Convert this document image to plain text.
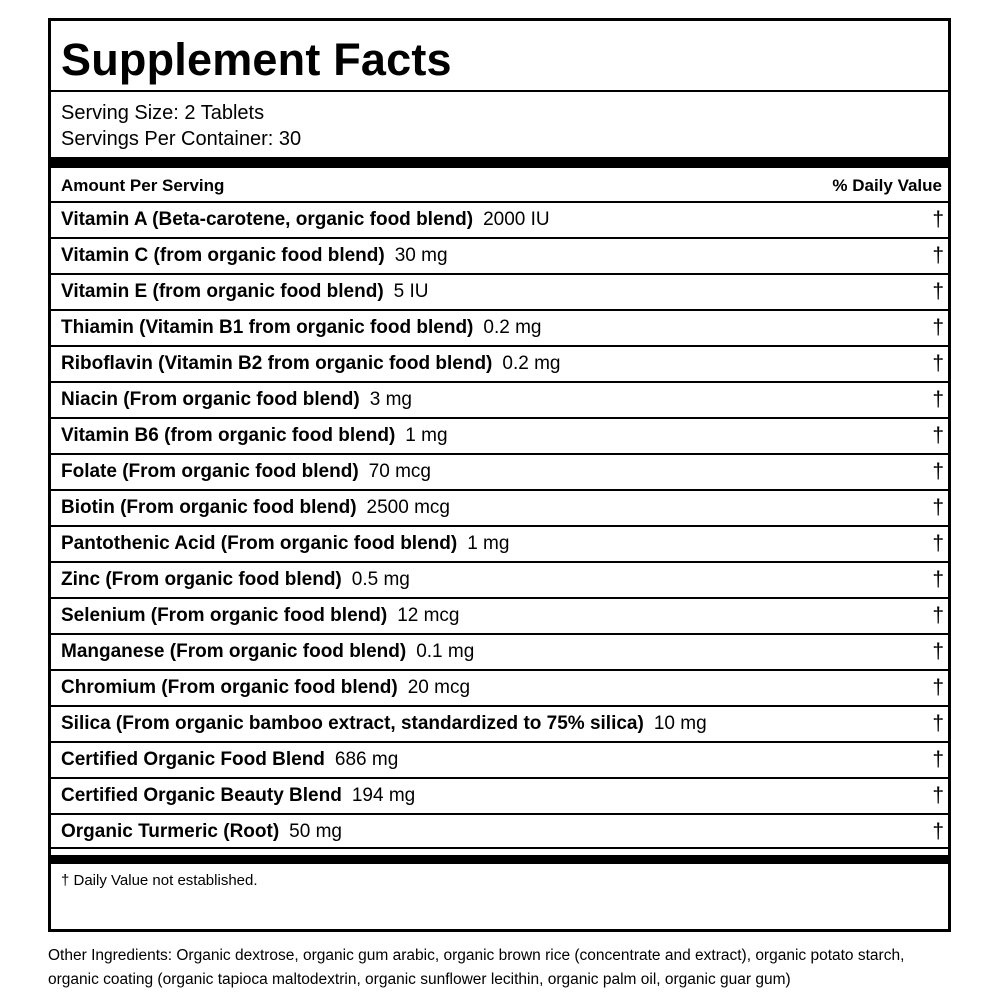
Supplement Facts
Serving Size: 2 Tablets
Servings Per Container: 30
Amount Per Serving	% Daily Value
Vitamin A (Beta-carotene, organic food blend) 2000 IU	†
Vitamin C (from organic food blend) 30 mg	†
Vitamin E (from organic food blend) 5 IU	†
Thiamin (Vitamin B1 from organic food blend) 0.2 mg	†
Riboflavin (Vitamin B2 from organic food blend) 0.2 mg	†
Niacin (From organic food blend) 3 mg	†
Vitamin B6 (from organic food blend) 1 mg	†
Folate (From organic food blend) 70 mcg	†
Biotin (From organic food blend) 2500 mcg	†
Pantothenic Acid (From organic food blend) 1 mg	†
Zinc (From organic food blend) 0.5 mg	†
Selenium (From organic food blend) 12 mcg	†
Manganese (From organic food blend) 0.1 mg	†
Chromium (From organic food blend) 20 mcg	†
Silica (From organic bamboo extract, standardized to 75% silica) 10 mg	†
Certified Organic Food Blend 686 mg	†
Certified Organic Beauty Blend 194 mg	†
Organic Turmeric (Root) 50 mg	†
† Daily Value not established.
Other Ingredients: Organic dextrose, organic gum arabic, organic brown rice (concentrate and extract), organic potato starch, organic coating (organic tapioca maltodextrin, organic sunflower lecithin, organic palm oil, organic guar gum)
